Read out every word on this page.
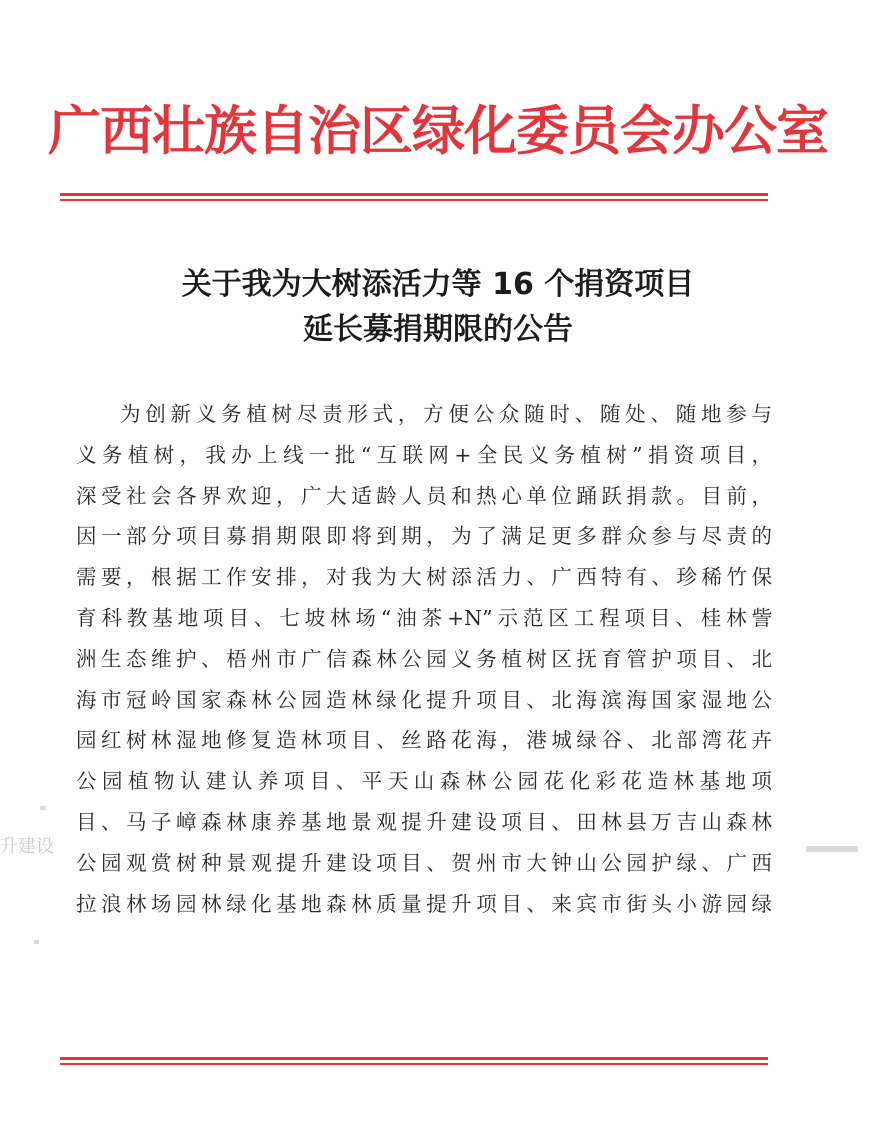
广西壮族自治区绿化委员会办公室
关于我为大树添活力等 16 个捐资项目
延长募捐期限的公告
为创新义务植树尽责形式，方便公众随时、随处、随地参与
义务植树，我办上线一批“互联网+全民义务植树”捐资项目，
深受社会各界欢迎，广大适龄人员和热心单位踊跃捐款。目前，
因一部分项目募捐期限即将到期，为了满足更多群众参与尽责的
需要，根据工作安排，对我为大树添活力、广西特有、珍稀竹保
育科教基地项目、七坡林场“油茶+N”示范区工程项目、桂林訾
洲生态维护、梧州市广信森林公园义务植树区抚育管护项目、北
海市冠岭国家森林公园造林绿化提升项目、北海滨海国家湿地公
园红树林湿地修复造林项目、丝路花海，港城绿谷、北部湾花卉
公园植物认建认养项目、平天山森林公园花化彩花造林基地项
目、马子嶂森林康养基地景观提升建设项目、田林县万吉山森林
公园观赏树种景观提升建设项目、贺州市大钟山公园护绿、广西
拉浪林场园林绿化基地森林质量提升项目、来宾市街头小游园绿
升建设
